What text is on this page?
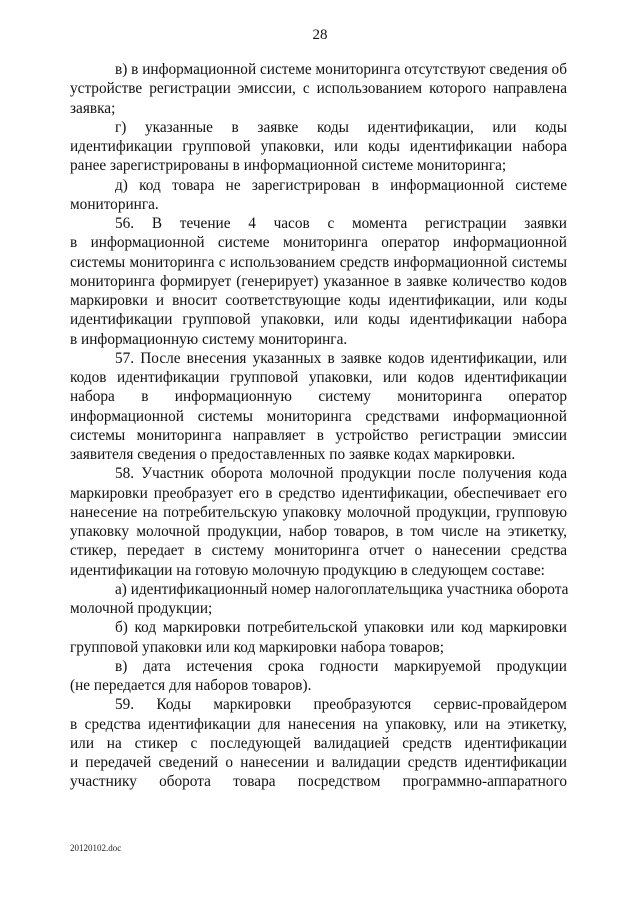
28
в) в информационной системе мониторинга отсутствуют сведения об
устройстве регистрации эмиссии, с использованием которого направлена
заявка;
г) указанные в заявке коды идентификации, или коды
идентификации групповой упаковки, или коды идентификации набора
ранее зарегистрированы в информационной системе мониторинга;
д) код товара не зарегистрирован в информационной системе
мониторинга.
56. В течение 4 часов с момента регистрации заявки
в информационной системе мониторинга оператор информационной
системы мониторинга с использованием средств информационной системы
мониторинга формирует (генерирует) указанное в заявке количество кодов
маркировки и вносит соответствующие коды идентификации, или коды
идентификации групповой упаковки, или коды идентификации набора
в информационную систему мониторинга.
57. После внесения указанных в заявке кодов идентификации, или
кодов идентификации групповой упаковки, или кодов идентификации
набора в информационную систему мониторинга оператор
информационной системы мониторинга средствами информационной
системы мониторинга направляет в устройство регистрации эмиссии
заявителя сведения о предоставленных по заявке кодах маркировки.
58. Участник оборота молочной продукции после получения кода
маркировки преобразует его в средство идентификации, обеспечивает его
нанесение на потребительскую упаковку молочной продукции, групповую
упаковку молочной продукции, набор товаров, в том числе на этикетку,
стикер, передает в систему мониторинга отчет о нанесении средства
идентификации на готовую молочную продукцию в следующем составе:
а) идентификационный номер налогоплательщика участника оборота
молочной продукции;
б) код маркировки потребительской упаковки или код маркировки
групповой упаковки или код маркировки набора товаров;
в) дата истечения срока годности маркируемой продукции
(не передается для наборов товаров).
59. Коды маркировки преобразуются сервис-провайдером
в средства идентификации для нанесения на упаковку, или на этикетку,
или на стикер с последующей валидацией средств идентификации
и передачей сведений о нанесении и валидации средств идентификации
участнику оборота товара посредством программно-аппаратного
20120102.doc
